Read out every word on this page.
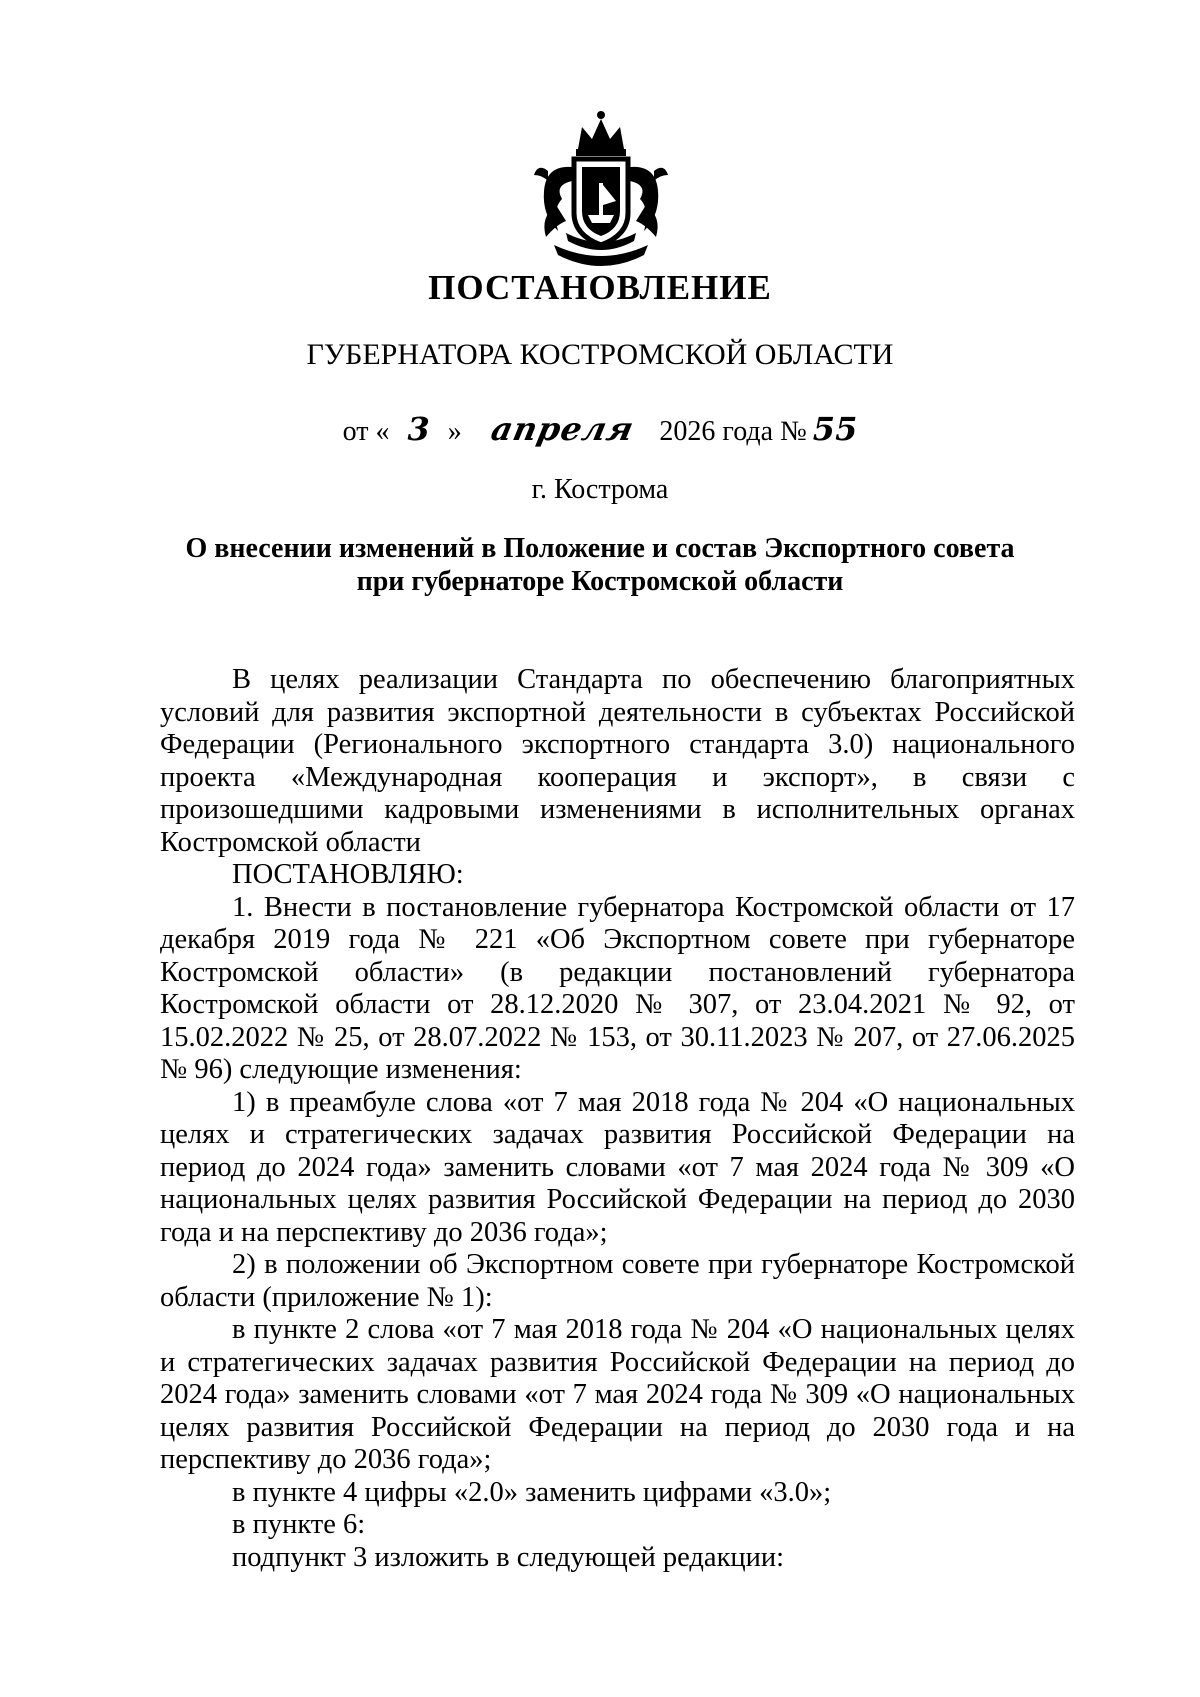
ПОСТАНОВЛЕНИЕ
ГУБЕРНАТОРА КОСТРОМСКОЙ ОБЛАСТИ
от « 3 » апреля 2026 года № 55
г. Кострома
О внесении изменений в Положение и состав Экспортного совета
при губернаторе Костромской области

В целях реализации Стандарта по обеспечению благоприятных условий для развития экспортной деятельности в субъектах Российской Федерации (Регионального экспортного стандарта 3.0) национального проекта «Международная кооперация и экспорт», в связи с произошедшими кадровыми изменениями в исполнительных органах Костромской области

ПОСТАНОВЛЯЮ:

1. Внести в постановление губернатора Костромской области от 17 декабря 2019 года № 221 «Об Экспортном совете при губернаторе Костромской области» (в редакции постановлений губернатора Костромской области от 28.12.2020 № 307, от 23.04.2021 № 92, от 15.02.2022 № 25, от 28.07.2022 № 153, от 30.11.2023 № 207, от 27.06.2025 № 96) следующие изменения:

1) в преамбуле слова «от 7 мая 2018 года № 204 «О национальных целях и стратегических задачах развития Российской Федерации на период до 2024 года» заменить словами «от 7 мая 2024 года № 309 «О национальных целях развития Российской Федерации на период до 2030 года и на перспективу до 2036 года»;

2) в положении об Экспортном совете при губернаторе Костромской области (приложение № 1):

в пункте 2 слова «от 7 мая 2018 года № 204 «О национальных целях и стратегических задачах развития Российской Федерации на период до 2024 года» заменить словами «от 7 мая 2024 года № 309 «О национальных целях развития Российской Федерации на период до 2030 года и на перспективу до 2036 года»;

в пункте 4 цифры «2.0» заменить цифрами «3.0»;

в пункте 6:

подпункт 3 изложить в следующей редакции:
